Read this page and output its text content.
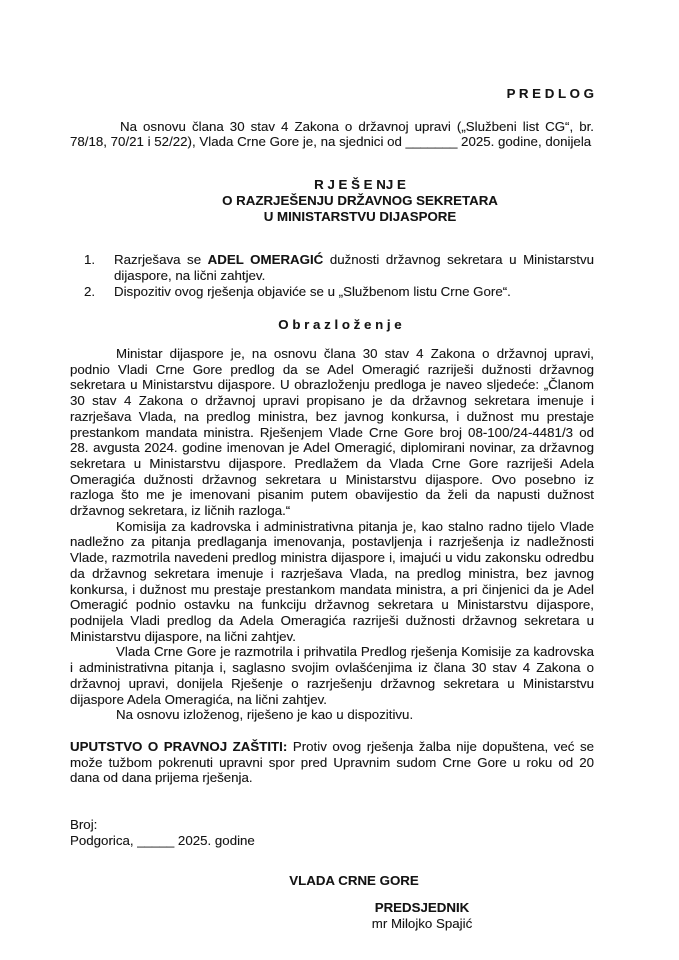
P R E D L O G

Na osnovu člana 30 stav 4 Zakona o državnoj upravi („Službeni list CG“, br. 78/18, 70/21 i 52/22), Vlada Crne Gore je, na sjednici od _______ 2025. godine, donijela

R J E Š E NJ E
O RAZRJEŠENJU DRŽAVNOG SEKRETARA
U MINISTARSTVU DIJASPORE
1.	Razrješava se ADEL OMERAGIĆ dužnosti državnog sekretara u Ministarstvu dijaspore, na lični zahtjev.
2.	Dispozitiv ovog rješenja objaviće se u „Službenom listu Crne Gore“.
O b r a z l o ž e n j e

Ministar dijaspore je, na osnovu člana 30 stav 4 Zakona o državnoj upravi, podnio Vladi Crne Gore predlog da se Adel Omeragić razriješi dužnosti državnog sekretara u Ministarstvu dijaspore. U obrazloženju predloga je naveo sljedeće: „Članom 30 stav 4 Zakona o državnoj upravi propisano je da državnog sekretara imenuje i razrješava Vlada, na predlog ministra, bez javnog konkursa, i dužnost mu prestaje prestankom mandata ministra. Rješenjem Vlade Crne Gore broj 08-100/24-4481/3 od 28. avgusta 2024. godine imenovan je Adel Omeragić, diplomirani novinar, za državnog sekretara u Ministarstvu dijaspore. Predlažem da Vlada Crne Gore razriješi Adela Omeragića dužnosti državnog sekretara u Ministarstvu dijaspore. Ovo posebno iz razloga što me je imenovani pisanim putem obavijestio da želi da napusti dužnost državnog sekretara, iz ličnih razloga.“

Komisija za kadrovska i administrativna pitanja je, kao stalno radno tijelo Vlade nadležno za pitanja predlaganja imenovanja, postavljenja i razrješenja iz nadležnosti Vlade, razmotrila navedeni predlog ministra dijaspore i, imajući u vidu zakonsku odredbu da državnog sekretara imenuje i razrješava Vlada, na predlog ministra, bez javnog konkursa, i dužnost mu prestaje prestankom mandata ministra, a pri činjenici da je Adel Omeragić podnio ostavku na funkciju državnog sekretara u Ministarstvu dijaspore, podnijela Vladi predlog da Adela Omeragića razriješi dužnosti državnog sekretara u Ministarstvu dijaspore, na lični zahtjev.

Vlada Crne Gore je razmotrila i prihvatila Predlog rješenja Komisije za kadrovska i administrativna pitanja i, saglasno svojim ovlašćenjima iz člana 30 stav 4 Zakona o državnoj upravi, donijela Rješenje o razrješenju državnog sekretara u Ministarstvu dijaspore Adela Omeragića, na lični zahtjev.

Na osnovu izloženog, riješeno je kao u dispozitivu.

UPUTSTVO O PRAVNOJ ZAŠTITI: Protiv ovog rješenja žalba nije dopuštena, već se može tužbom pokrenuti upravni spor pred Upravnim sudom Crne Gore u roku od 20 dana od dana prijema rješenja.

Broj:
Podgorica, _____ 2025. godine
VLADA CRNE GORE
PREDSJEDNIK
mr Milojko Spajić
